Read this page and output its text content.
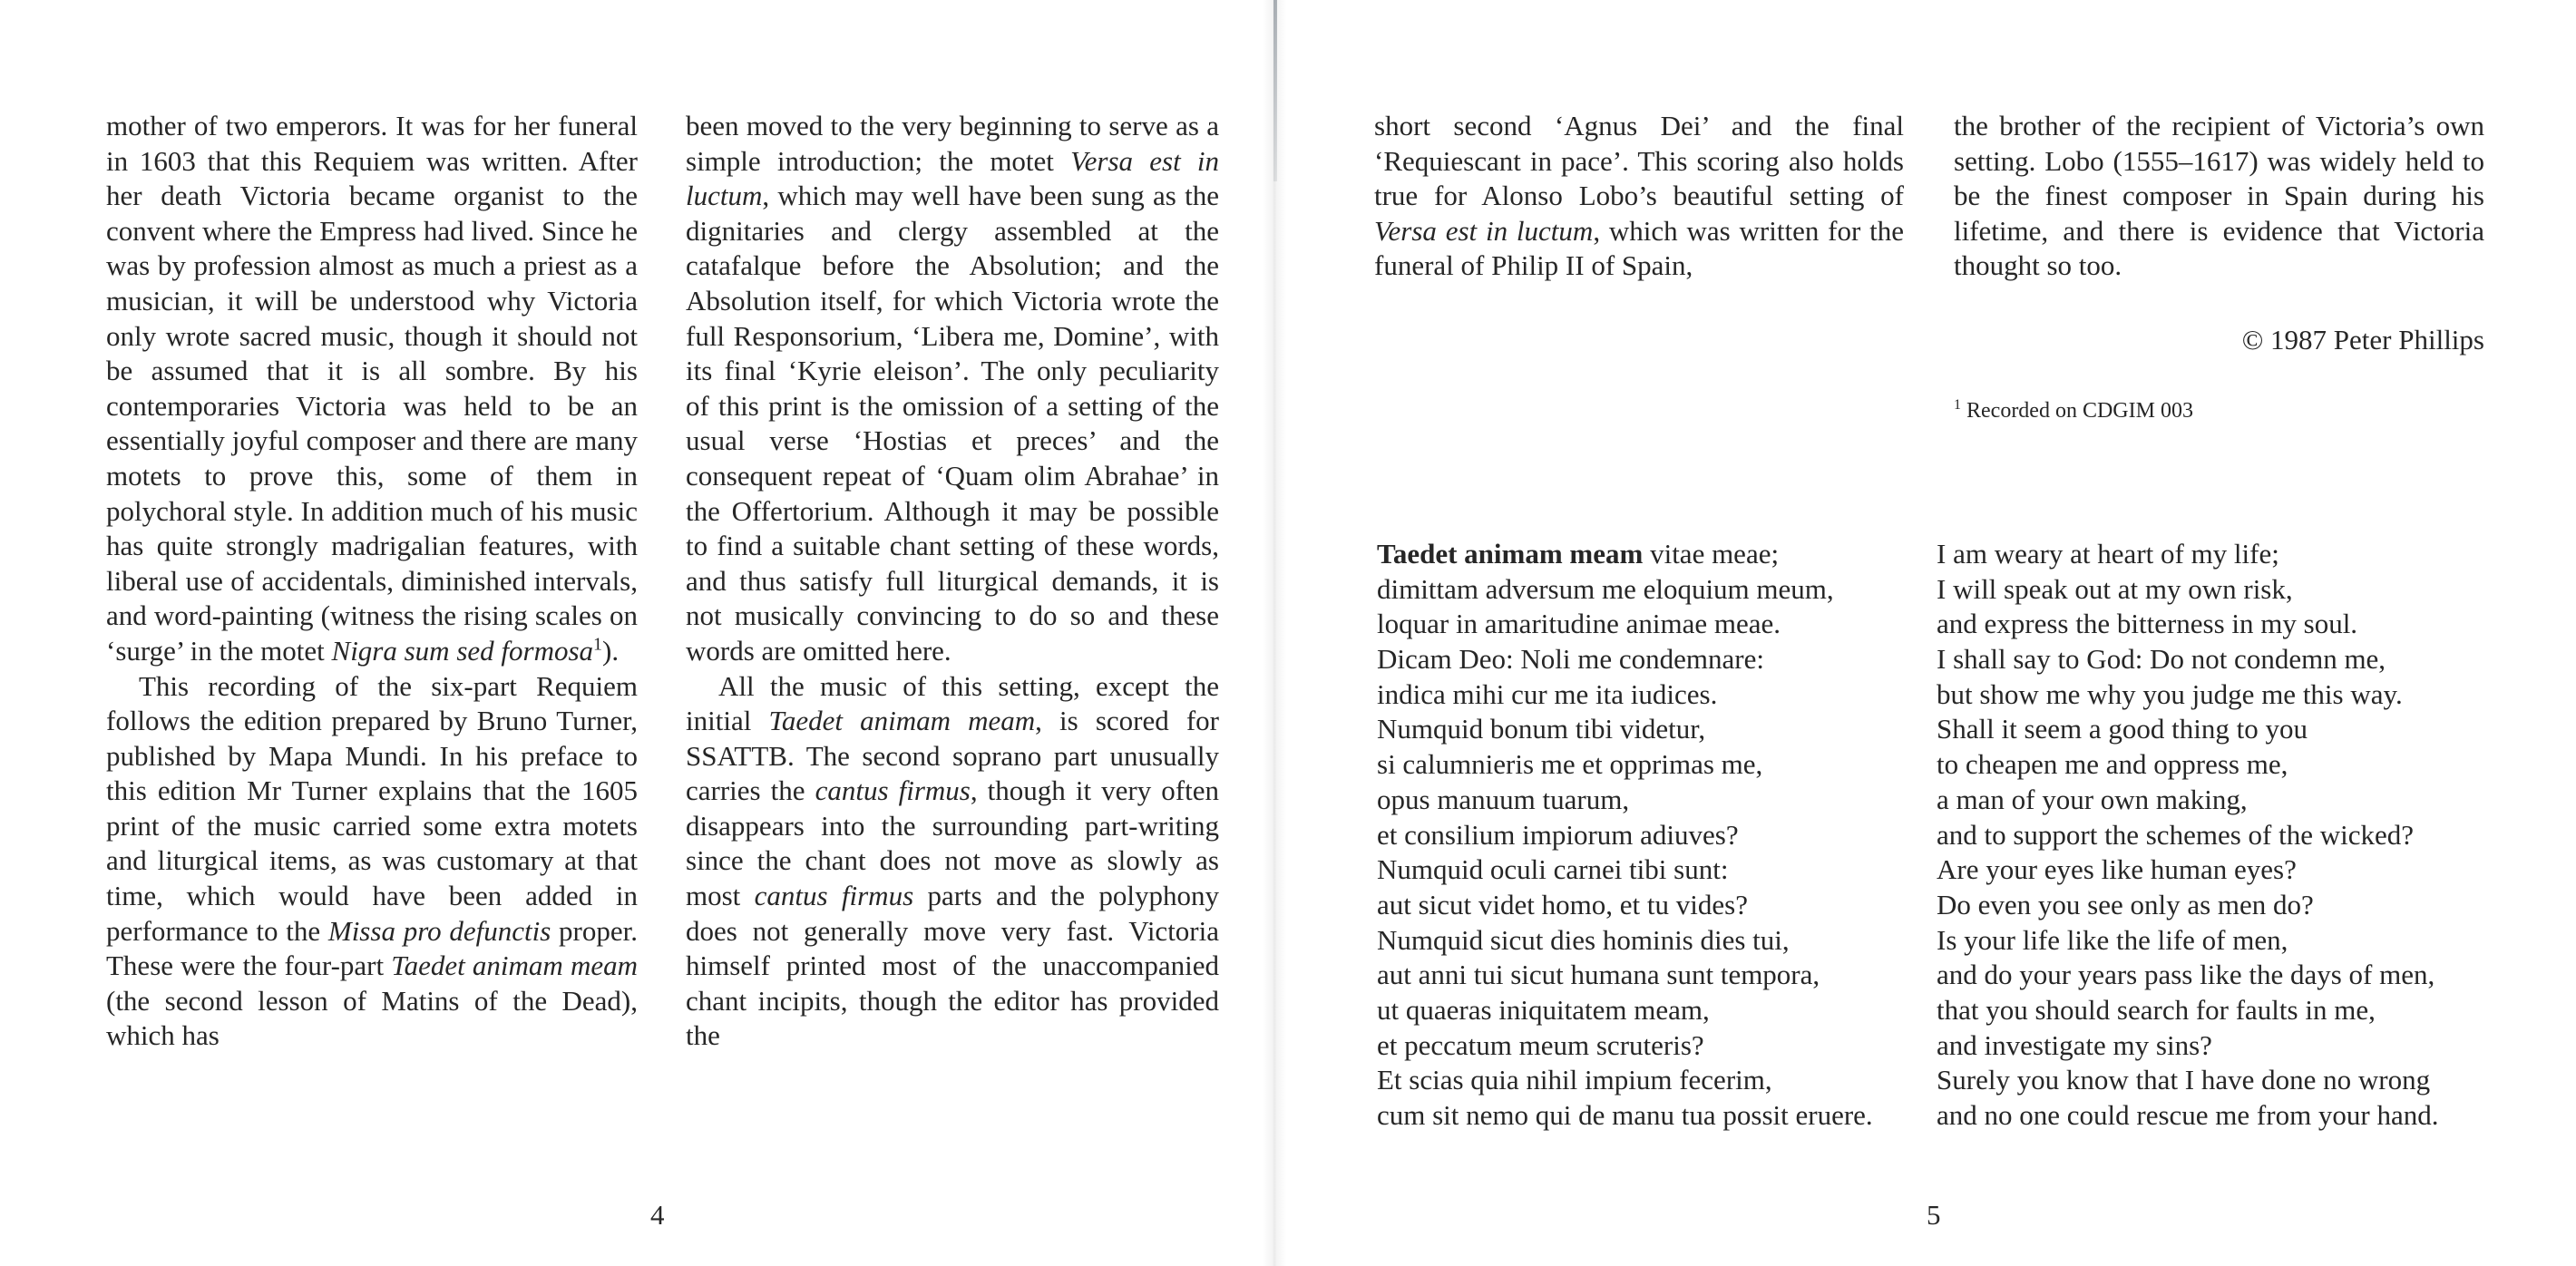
mother of two emperors. It was for her funeral in 1603 that this Requiem was written. After her death Victoria became organist to the convent where the Empress had lived. Since he was by profession almost as much a priest as a musician, it will be understood why Victoria only wrote sacred music, though it should not be assumed that it is all sombre. By his contemporaries Victoria was held to be an essentially joyful composer and there are many motets to prove this, some of them in polychoral style. In addition much of his music has quite strongly madrigalian features, with liberal use of accidentals, diminished intervals, and word-painting (witness the rising scales on ‘surge’ in the motet Nigra sum sed formosa$^1$).

This recording of the six-part Requiem follows the edition prepared by Bruno Turner, published by Mapa Mundi. In his preface to this edition Mr Turner explains that the 1605 print of the music carried some extra motets and liturgical items, as was customary at that time, which would have been added in performance to the Missa pro defunctis proper. These were the four-part Taedet animam meam (the second lesson of Matins of the Dead), which has

been moved to the very beginning to serve as a simple introduction; the motet Versa est in luctum, which may well have been sung as the dignitaries and clergy assembled at the catafalque before the Absolution; and the Absolution itself, for which Victoria wrote the full Responsorium, ‘Libera me, Domine’, with its final ‘Kyrie eleison’. The only peculiarity of this print is the omission of a setting of the usual verse ‘Hostias et preces’ and the consequent repeat of ‘Quam olim Abrahae’ in the Offertorium. Although it may be possible to find a suitable chant setting of these words, and thus satisfy full liturgical demands, it is not musically convincing to do so and these words are omitted here.

All the music of this setting, except the initial Taedet animam meam, is scored for SSATTB. The second soprano part unusually carries the cantus firmus, though it very often disappears into the surrounding part-writing since the chant does not move as slowly as most cantus firmus parts and the polyphony does not generally move very fast. Victoria himself printed most of the unaccompanied chant incipits, though the editor has provided the

4

short second ‘Agnus Dei’ and the final ‘Requiescant in pace’. This scoring also holds true for Alonso Lobo’s beautiful setting of Versa est in luctum, which was written for the funeral of Philip II of Spain,

the brother of the recipient of Victoria’s own setting. Lobo (1555–1617) was widely held to be the finest composer in Spain during his lifetime, and there is evidence that Victoria thought so too.

© 1987 Peter Phillips
$^1$ Recorded on CDGIM 003
Taedet animam meam vitae meae;
dimittam adversum me eloquium meum,
loquar in amaritudine animae meae.
Dicam Deo: Noli me condemnare:
indica mihi cur me ita iudices.
Numquid bonum tibi videtur,
si calumnieris me et opprimas me,
opus manuum tuarum,
et consilium impiorum adiuves?
Numquid oculi carnei tibi sunt:
aut sicut videt homo, et tu vides?
Numquid sicut dies hominis dies tui,
aut anni tui sicut humana sunt tempora,
ut quaeras iniquitatem meam,
et peccatum meum scruteris?
Et scias quia nihil impium fecerim,
cum sit nemo qui de manu tua possit eruere.
I am weary at heart of my life;
I will speak out at my own risk,
and express the bitterness in my soul.
I shall say to God: Do not condemn me,
but show me why you judge me this way.
Shall it seem a good thing to you
to cheapen me and oppress me,
a man of your own making,
and to support the schemes of the wicked?
Are your eyes like human eyes?
Do even you see only as men do?
Is your life like the life of men,
and do your years pass like the days of men,
that you should search for faults in me,
and investigate my sins?
Surely you know that I have done no wrong
and no one could rescue me from your hand.
5
